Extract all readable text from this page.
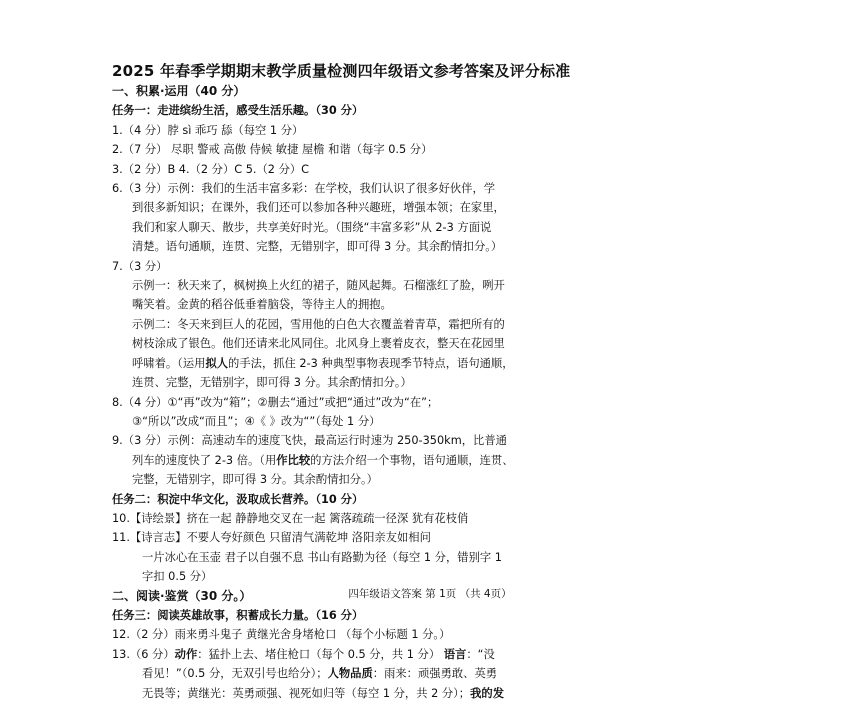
2025 年春季学期期末教学质量检测四年级语文参考答案及评分标准
一、积累·运用（40 分）
任务一：走进缤纷生活，感受生活乐趣。（30 分）
1.（4 分）脖 sì 乖巧 舔（每空 1 分）
2.（7 分） 尽职 警戒 高傲 侍候 敏捷 屋檐 和谐（每字 0.5 分）
3.（2 分）B 4.（2 分）C 5.（2 分）C
6.（3 分）示例：我们的生活丰富多彩：在学校，我们认识了很多好伙伴，学
到很多新知识；在课外，我们还可以参加各种兴趣班，增强本领；在家里，
我们和家人聊天、散步，共享美好时光。（围绕“丰富多彩”从 2-3 方面说
清楚。语句通顺，连贯、完整，无错别字，即可得 3 分。其余酌情扣分。）
7.（3 分）
示例一：秋天来了，枫树换上火红的裙子，随风起舞。石榴涨红了脸，咧开
嘴笑着。金黄的稻谷低垂着脑袋，等待主人的拥抱。
示例二：冬天来到巨人的花园，雪用他的白色大衣覆盖着青草，霜把所有的
树枝涂成了银色。他们还请来北风同住。北风身上裹着皮衣，整天在花园里
呼啸着。（运用拟人的手法，抓住 2-3 种典型事物表现季节特点，语句通顺，
连贯、完整，无错别字，即可得 3 分。其余酌情扣分。）
8.（4 分）①“再”改为“箱”；②删去“通过”或把“通过”改为“在”；
③“所以”改成“而且”；④《 》改为“”（每处 1 分）
9.（3 分）示例：高速动车的速度飞快，最高运行时速为 250-350km，比普通
列车的速度快了 2-3 倍。（用作比较的方法介绍一个事物，语句通顺，连贯、
完整，无错别字，即可得 3 分。其余酌情扣分。）
任务二：积淀中华文化，汲取成长营养。（10 分）
10.【诗绘景】挤在一起 静静地交叉在一起 篱落疏疏一径深 犹有花枝俏
11.【诗言志】不要人夸好颜色 只留清气满乾坤 洛阳亲友如相问
一片冰心在玉壶 君子以自强不息 书山有路勤为径（每空 1 分，错别字 1
字扣 0.5 分）
二、阅读·鉴赏（30 分。）
任务三：阅读英雄故事，积蓄成长力量。（16 分）
12.（2 分）雨来勇斗鬼子 黄继光舍身堵枪口 （每个小标题 1 分。）
13.（6 分）动作：猛扑上去、堵住枪口（每个 0.5 分，共 1 分） 语言：“没
看见！”（0.5 分，无双引号也给分）；人物品质：雨来：顽强勇敢、英勇
无畏等；黄继光：英勇顽强、视死如归等（每空 1 分，共 2 分）；我的发
四年级语文答案 第 1页 （共 4页）
